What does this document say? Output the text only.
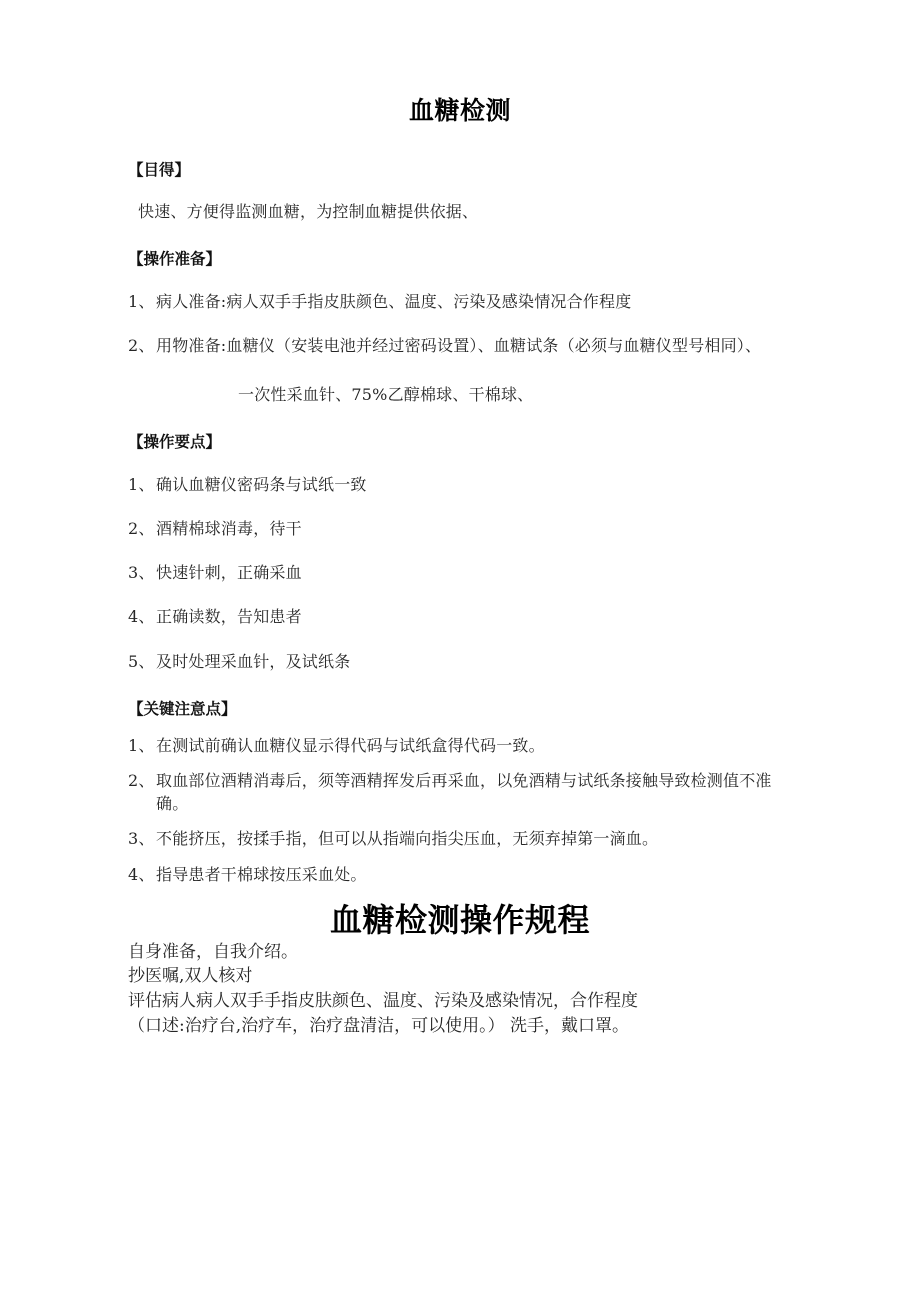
血糖检测
【目得】

快速、方便得监测血糖，为控制血糖提供依据、

【操作准备】
1、 病人准备:病人双手手指皮肤颜色、温度、污染及感染情况合作程度
2、 用物准备:血糖仪（安装电池并经过密码设置）、血糖试条（必须与血糖仪型号相同）、

一次性采血针、75%乙醇棉球、干棉球、

【操作要点】
1、 确认血糖仪密码条与试纸一致
2、 酒精棉球消毒，待干
3、 快速针刺，正确采血
4、 正确读数，告知患者
5、 及时处理采血针，及试纸条
【关键注意点】
1、 在测试前确认血糖仪显示得代码与试纸盒得代码一致。
2、 取血部位酒精消毒后，须等酒精挥发后再采血，以免酒精与试纸条接触导致检测值不准确。
3、 不能挤压，按揉手指，但可以从指端向指尖压血，无须弃掉第一滴血。
4、 指导患者干棉球按压采血处。
血糖检测操作规程

自身准备，自我介绍。

抄医嘱,双人核对

评估病人病人双手手指皮肤颜色、温度、污染及感染情况，合作程度

（口述:治疗台,治疗车，治疗盘清洁，可以使用。） 洗手，戴口罩。
